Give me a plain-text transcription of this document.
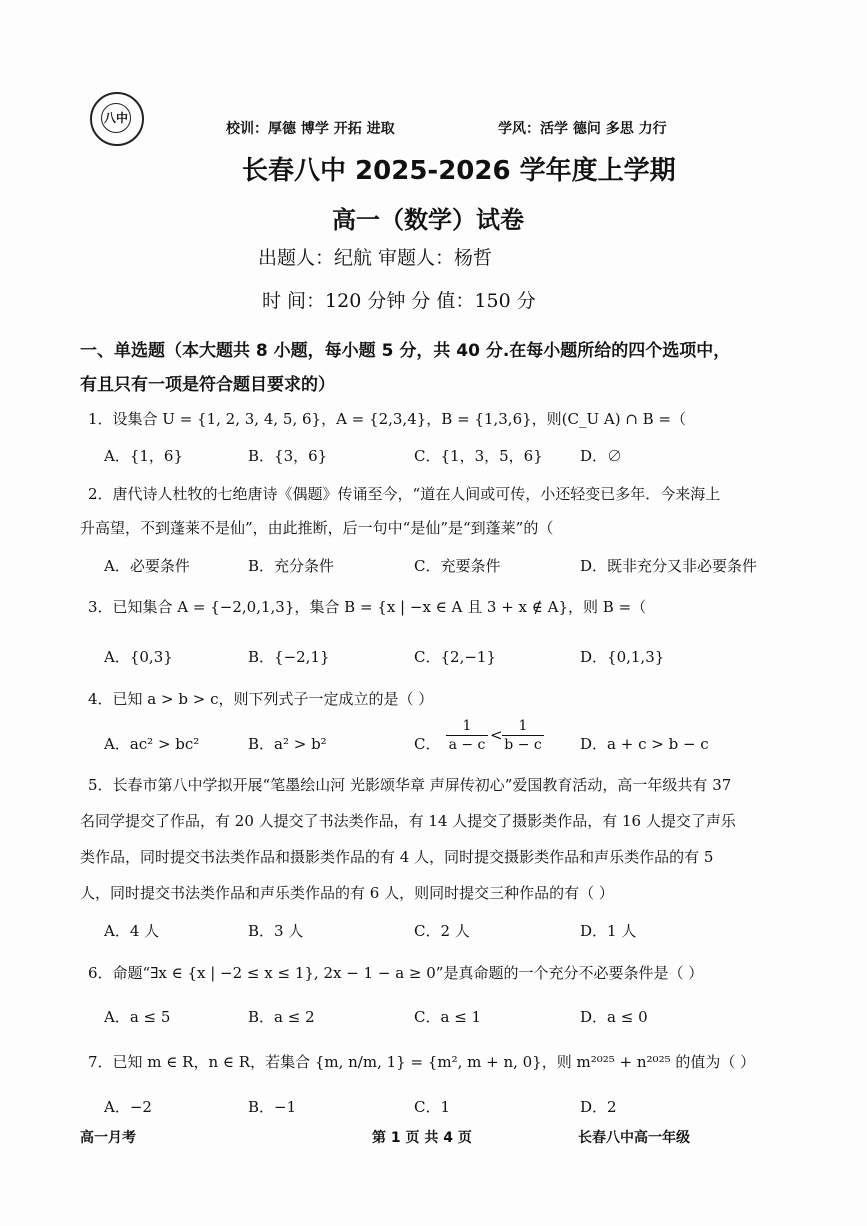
八中
校训：厚德 博学 开拓 进取	学风：活学 德问 多思 力行
长春八中 2025-2026 学年度上学期
高一（数学）试卷
出题人：纪航 审题人：杨哲
时 间：120 分钟 分 值：150 分
一、单选题（本大题共 8 小题，每小题 5 分，共 40 分.在每小题所给的四个选项中，
有且只有一项是符合题目要求的）
1．设集合 U = {1, 2, 3, 4, 5, 6}，A = {2,3,4}，B = {1,3,6}，则(C_U A) ∩ B =（
A．{1，6}	B．{3，6}	C．{1，3，5，6} D．∅
2．唐代诗人杜牧的七绝唐诗《偶题》传诵至今，“道在人间或可传，小还轻变已多年．今来海上
升高望，不到蓬莱不是仙”，由此推断，后一句中“是仙”是“到蓬莱”的（
A．必要条件	B．充分条件	C．充要条件	D．既非充分又非必要条件
3．已知集合 A = {−2,0,1,3}，集合 B = {x | −x ∈ A 且 3 + x ∉ A}，则 B =（
A．{0,3}	B．{−2,1}	C．{2,−1}	D．{0,1,3}
4．已知 a > b > c，则下列式子一定成立的是（ ）
A．ac² > bc²	B．a² > b²	C． $\frac{1}{a - c} < \frac{1}{b - c}$ D．a + c > b − c
5．长春市第八中学拟开展“笔墨绘山河 光影颂华章 声屏传初心”爱国教育活动，高一年级共有 37
名同学提交了作品，有 20 人提交了书法类作品，有 14 人提交了摄影类作品，有 16 人提交了声乐
类作品，同时提交书法类作品和摄影类作品的有 4 人，同时提交摄影类作品和声乐类作品的有 5
人，同时提交书法类作品和声乐类作品的有 6 人，则同时提交三种作品的有（ ）
A．4 人	B．3 人	C．2 人	D．1 人
6．命题“∃x ∈ {x | −2 ≤ x ≤ 1}, 2x − 1 − a ≥ 0”是真命题的一个充分不必要条件是（ ）
A．a ≤ 5	B．a ≤ 2	C．a ≤ 1	D．a ≤ 0
7．已知 m ∈ R，n ∈ R，若集合 {m, n/m, 1} = {m², m + n, 0}，则 m²⁰²⁵ + n²⁰²⁵ 的值为（ ）
A．−2	B．−1	C．1	D．2
高一月考	第 1 页 共 4 页	长春八中高一年级
